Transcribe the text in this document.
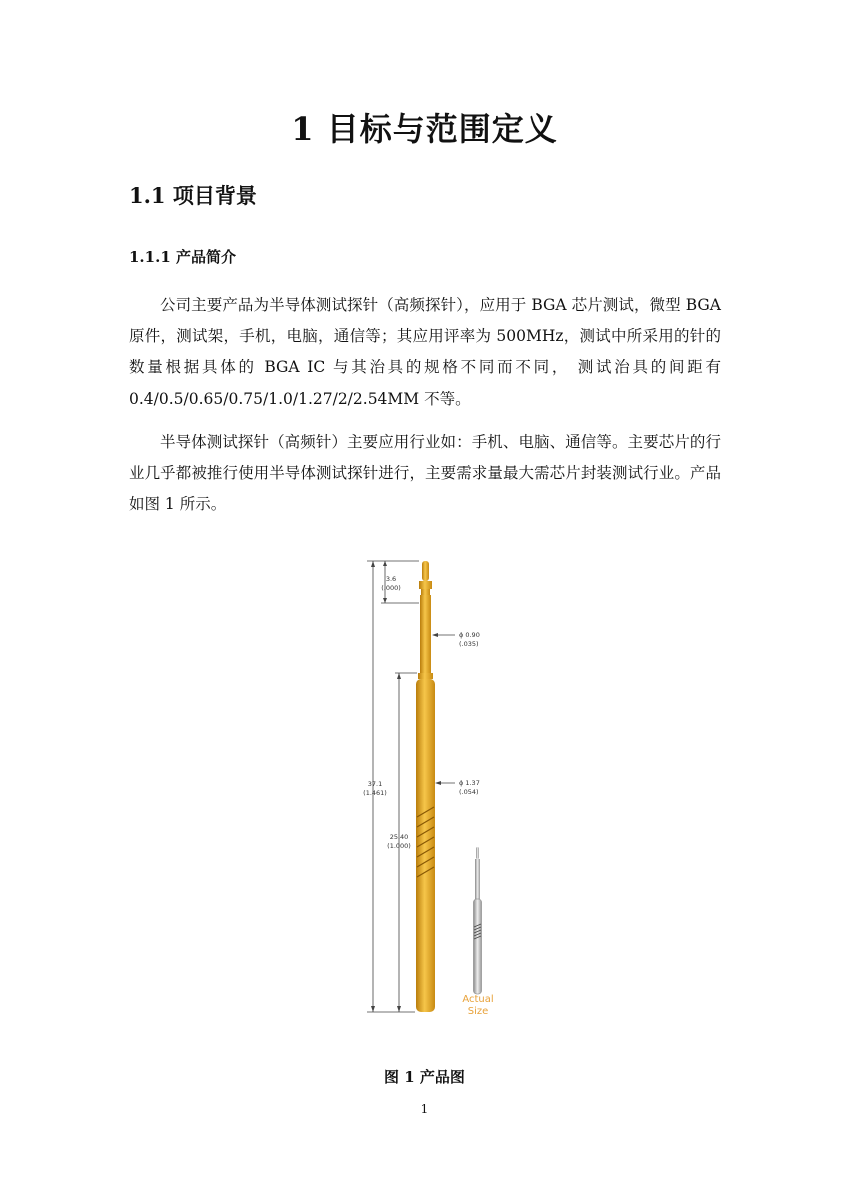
1 目标与范围定义
1.1 项目背景
1.1.1 产品简介

公司主要产品为半导体测试探针（高频探针），应用于 BGA 芯片测试，微型 BGA 原件，测试架，手机，电脑，通信等；其应用评率为 500MHz，测试中所采用的针的数量根据具体的 BGA IC 与其治具的规格不同而不同， 测试治具的间距有 0.4/0.5/0.65/0.75/1.0/1.27/2/2.54MM 不等。

半导体测试探针（高频针）主要应用行业如：手机、电脑、通信等。主要芯片的行业几乎都被推行使用半导体测试探针进行，主要需求量最大需芯片封装测试行业。产品如图 1 所示。

3.6
(.000)
ϕ 0.90
(.035)
37.1
(1.461)
ϕ 1.37
(.054)
25.40
(1.000)
Actual
Size

图 1 产品图

1
